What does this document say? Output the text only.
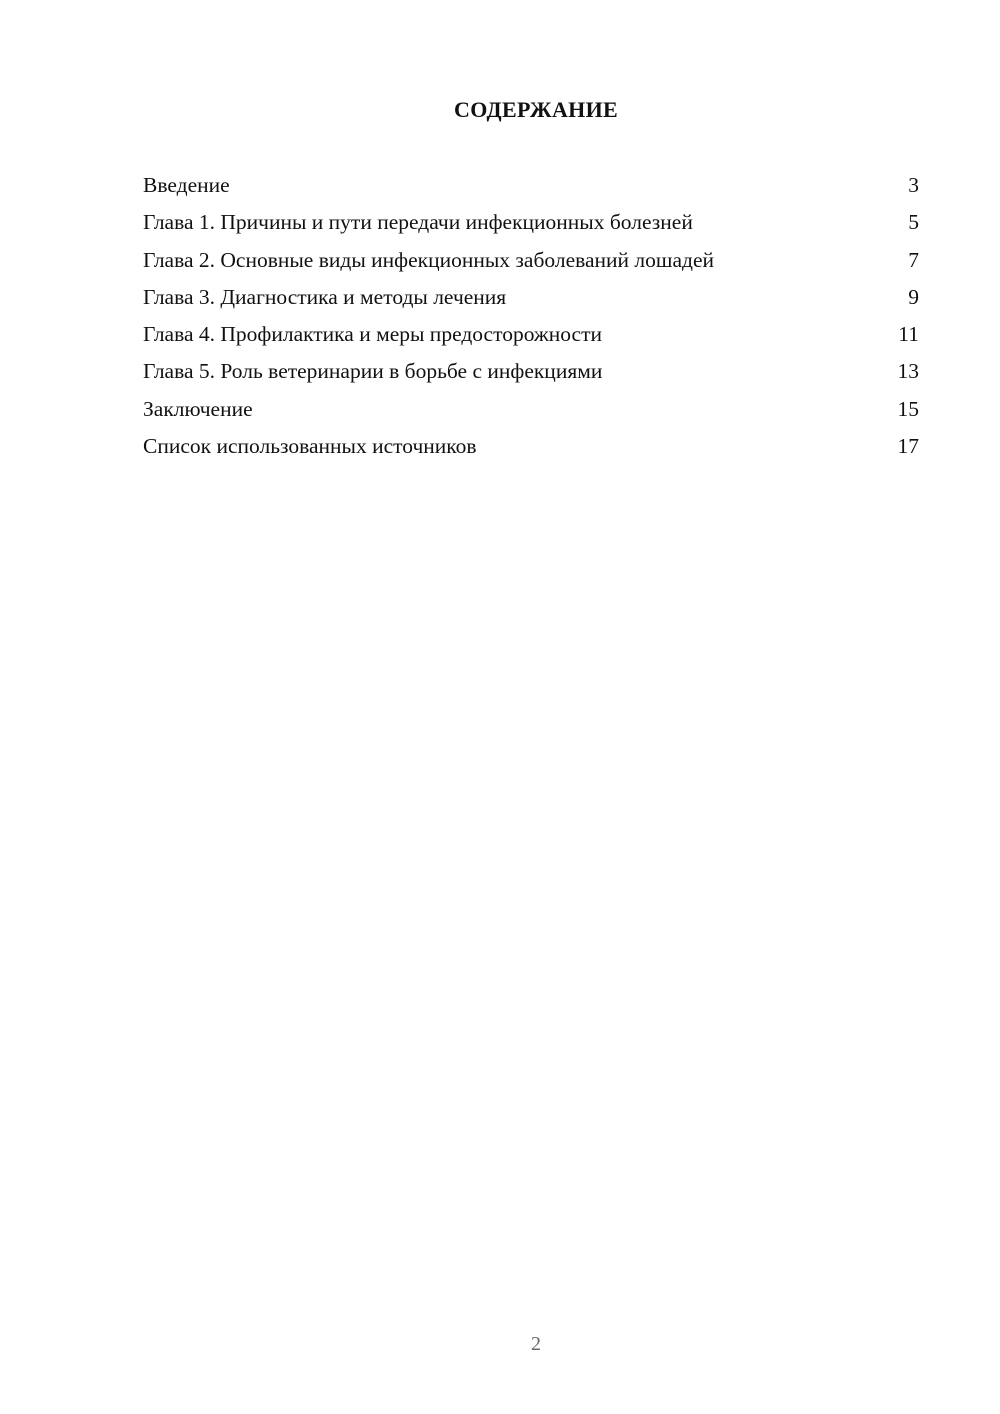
СОДЕРЖАНИЕ
Введение	3
Глава 1. Причины и пути передачи инфекционных болезней	5
Глава 2. Основные виды инфекционных заболеваний лошадей	7
Глава 3. Диагностика и методы лечения	9
Глава 4. Профилактика и меры предосторожности	11
Глава 5. Роль ветеринарии в борьбе с инфекциями	13
Заключение	15
Список использованных источников	17
2
